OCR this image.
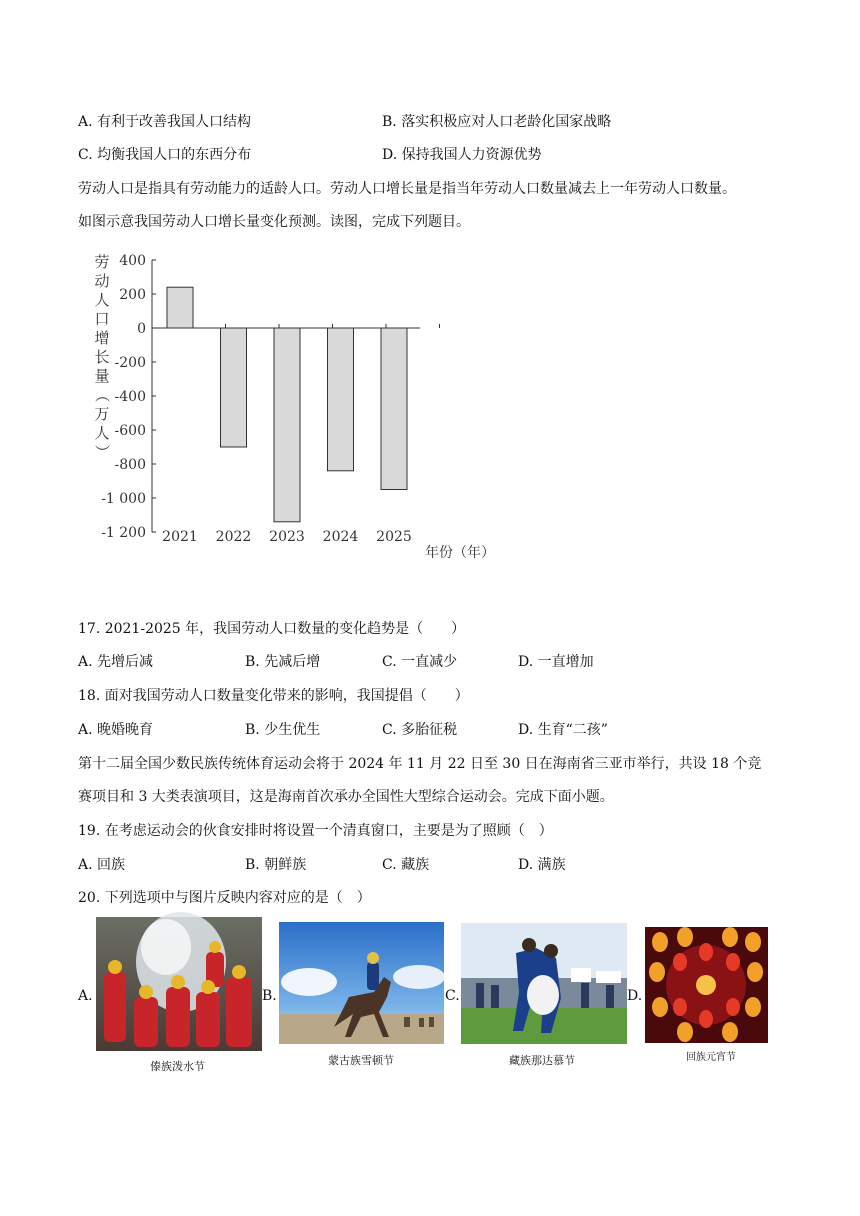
A. 有利于改善我国人口结构	B. 落实积极应对人口老龄化国家战略
C. 均衡我国人口的东西分布	D. 保持我国人力资源优势
劳动人口是指具有劳动能力的适龄人口。劳动人口增长量是指当年劳动人口数量减去上一年劳动人口数量。
如图示意我国劳动人口增长量变化预测。读图，完成下列题目。
劳
动
人
口
增
长
量
（
万
人
）
400
200
0
-200
-400
-600
-800
-1 000
-1 200 2021 2022 2023 2024 2025
年份（年）
17. 2021-2025 年，我国劳动人口数量的变化趋势是（　　）
A. 先增后减	B. 先减后增	C. 一直减少	D. 一直增加
18. 面对我国劳动人口数量变化带来的影响，我国提倡（　　）
A. 晚婚晚育	B. 少生优生	C. 多胎征税	D. 生育“二孩”
第十二届全国少数民族传统体育运动会将于 2024 年 11 月 22 日至 30 日在海南省三亚市举行，共设 18 个竞
赛项目和 3 大类表演项目，这是海南首次承办全国性大型综合运动会。完成下面小题。
19. 在考虑运动会的伙食安排时将设置一个清真窗口，主要是为了照顾（　）
A. 回族	B. 朝鲜族	C. 藏族	D. 满族
20. 下列选项中与图片反映内容对应的是（　）
A.
傣族泼水节
B.
蒙古族雪顿节
C.
藏族那达慕节
D.
回族元宵节
